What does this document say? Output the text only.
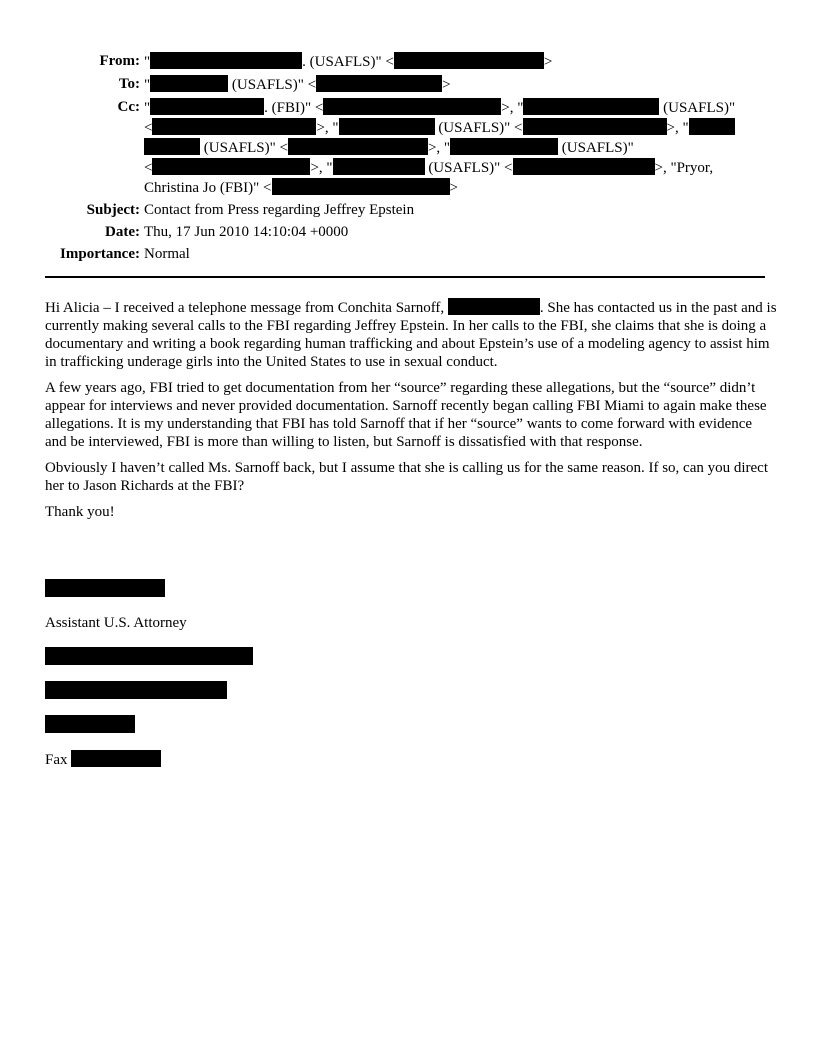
From: "	. (USAFLS)" <	>
To: "	(USAFLS)" <	>
Cc: "	. (FBI)" <	>, "	(USAFLS)"
<	>, "	(USAFLS)" <	>, "
(USAFLS)" <	>, "	(USAFLS)"
<	>, "	(USAFLS)" <	>, "Pryor,
Christina Jo (FBI)" <	>
Subject: Contact from Press regarding Jeffrey Epstein
Date: Thu, 17 Jun 2010 14:10:04 +0000
Importance: Normal

Hi Alicia – I received a telephone message from Conchita Sarnoff,	. She has contacted us in the past and is currently making several calls to the FBI regarding Jeffrey Epstein. In her calls to the FBI, she claims that she is doing a documentary and writing a book regarding human trafficking and about Epstein’s use of a modeling agency to assist him in trafficking underage girls into the United States to use in sexual conduct.

A few years ago, FBI tried to get documentation from her “source” regarding these allegations, but the “source” didn’t appear for interviews and never provided documentation. Sarnoff recently began calling FBI Miami to again make these allegations. It is my understanding that FBI has told Sarnoff that if her “source” wants to come forward with evidence and be interviewed, FBI is more than willing to listen, but Sarnoff is dissatisfied with that response.

Obviously I haven’t called Ms. Sarnoff back, but I assume that she is calling us for the same reason. If so, can you direct her to Jason Richards at the FBI?

Thank you!

Assistant U.S. Attorney
Fax
